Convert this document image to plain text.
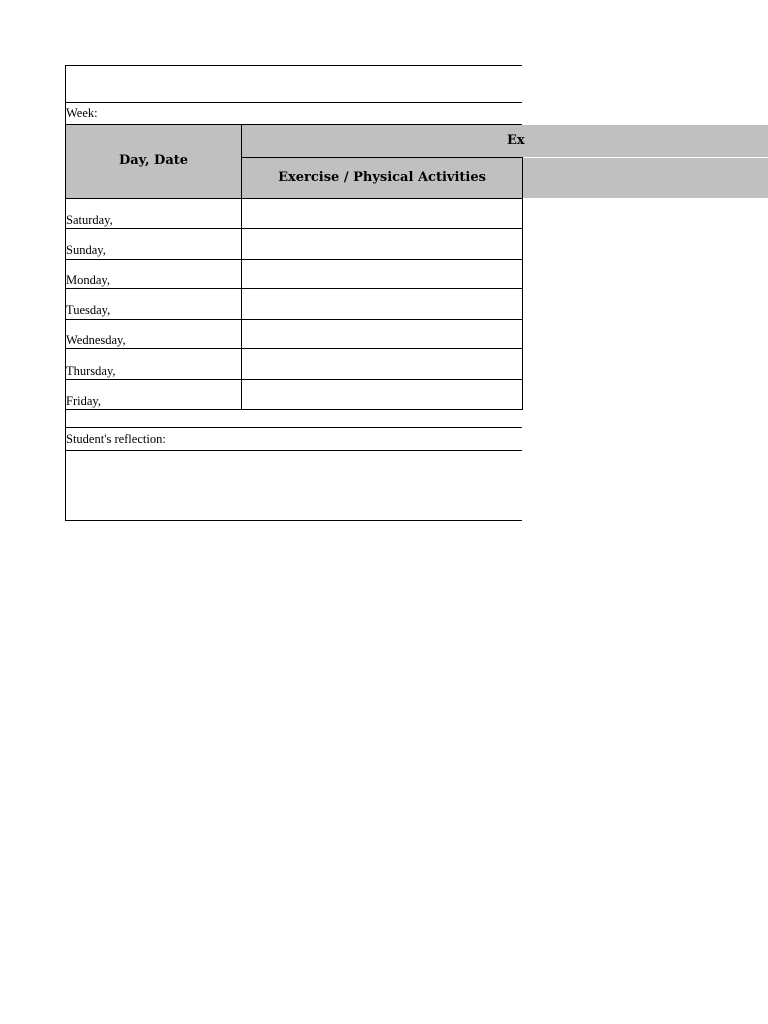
Week:
Day, Date
Ex
Exercise / Physical Activities
Saturday,
Sunday,
Monday,
Tuesday,
Wednesday,
Thursday,
Friday,
Student's reflection:
